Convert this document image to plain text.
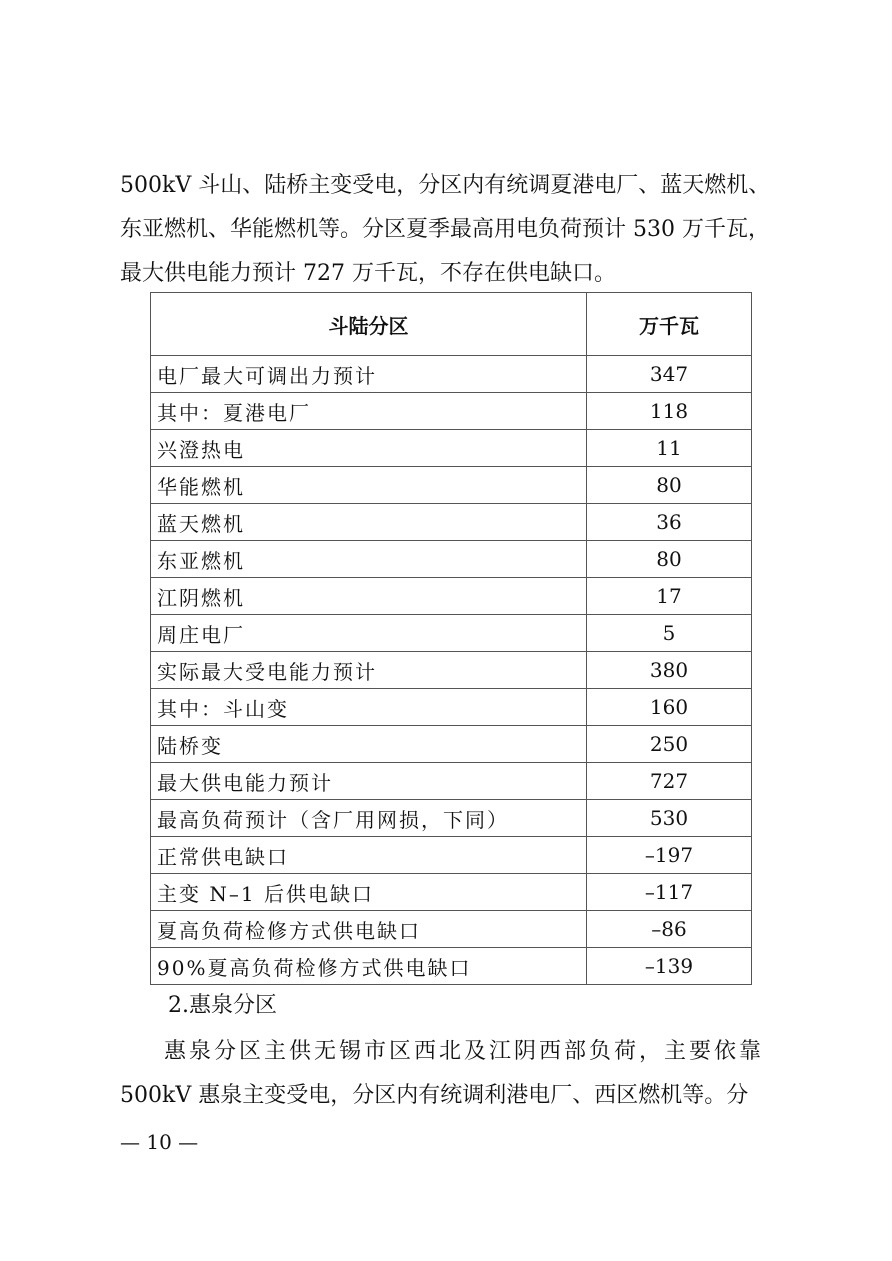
500kV 斗山、陆桥主变受电，分区内有统调夏港电厂、蓝天燃机、
东亚燃机、华能燃机等。分区夏季最高用电负荷预计 530 万千瓦，
最大供电能力预计 727 万千瓦，不存在供电缺口。

斗陆分区	万千瓦
电厂最大可调出力预计	347
其中：夏港电厂	118
兴澄热电	11
华能燃机	80
蓝天燃机	36
东亚燃机	80
江阴燃机	17
周庄电厂	5
实际最大受电能力预计	380
其中：斗山变	160
陆桥变	250
最大供电能力预计	727
最高负荷预计（含厂用网损，下同）	530
正常供电缺口	–197
主变 N–1 后供电缺口	–117
夏高负荷检修方式供电缺口	–86
90%夏高负荷检修方式供电缺口	–139

2.惠泉分区

惠泉分区主供无锡市区西北及江阴西部负荷，主要依靠
500kV 惠泉主变受电，分区内有统调利港电厂、西区燃机等。分

— 10 —
